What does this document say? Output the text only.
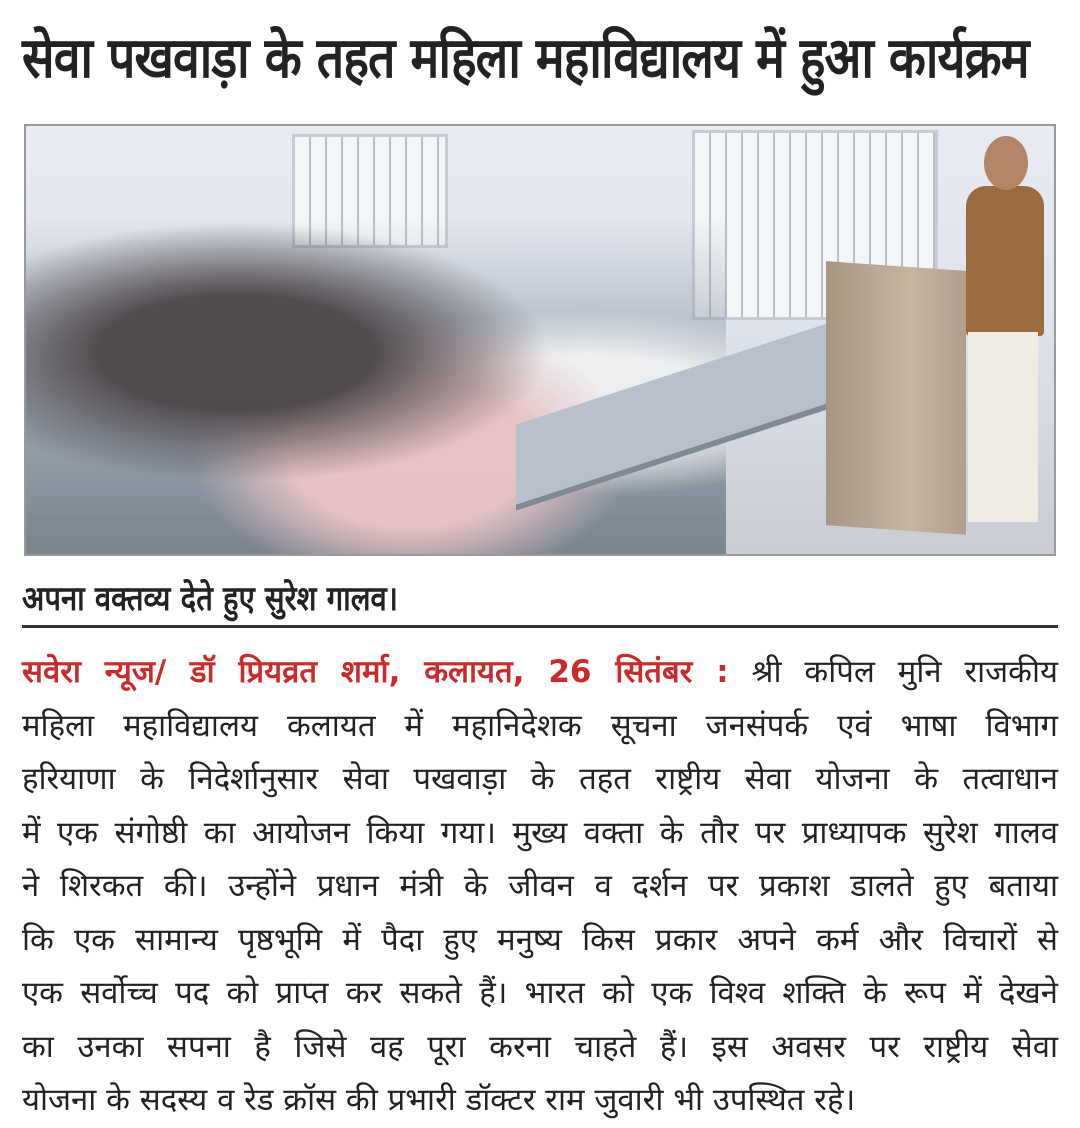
सेवा पखवाड़ा के तहत महिला महाविद्यालय में हुआ कार्यक्रम
अपना वक्तव्य देते हुए सुरेश गालव।
सवेरा न्यूज/ डॉ प्रियव्रत शर्मा, कलायत, 26 सितंबर : श्री कपिल मुनि राजकीय
महिला महाविद्यालय कलायत में महानिदेशक सूचना जनसंपर्क एवं भाषा विभाग
हरियाणा के निदेर्शानुसार सेवा पखवाड़ा के तहत राष्ट्रीय सेवा योजना के तत्वाधान
में एक संगोष्ठी का आयोजन किया गया। मुख्य वक्ता के तौर पर प्राध्यापक सुरेश गालव
ने शिरकत की। उन्होंने प्रधान मंत्री के जीवन व दर्शन पर प्रकाश डालते हुए बताया
कि एक सामान्य पृष्ठभूमि में पैदा हुए मनुष्य किस प्रकार अपने कर्म और विचारों से
एक सर्वोच्च पद को प्राप्त कर सकते हैं। भारत को एक विश्व शक्ति के रूप में देखने
का उनका सपना है जिसे वह पूरा करना चाहते हैं। इस अवसर पर राष्ट्रीय सेवा
योजना के सदस्य व रेड क्रॉस की प्रभारी डॉक्टर राम जुवारी भी उपस्थित रहे।
